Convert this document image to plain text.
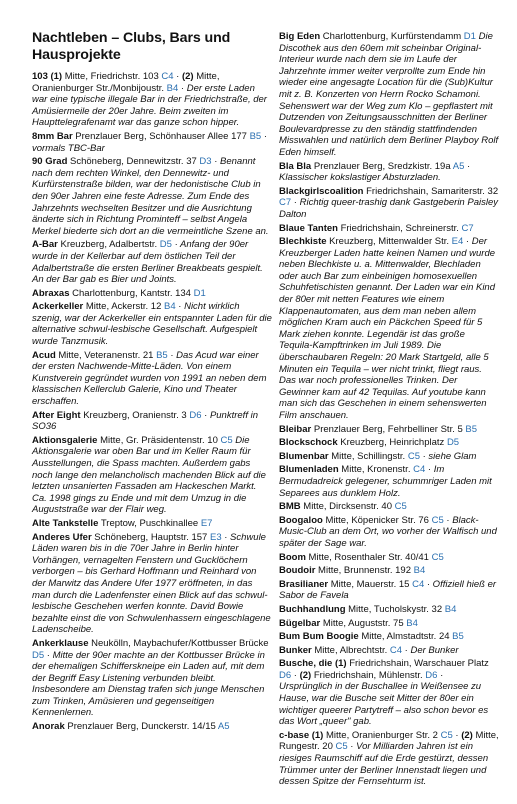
Nachtleben – Clubs, Bars und
Hausprojekte
103 (1) Mitte, Friedrichstr. 103 C4 · (2) Mitte, Oranienburger Str./Monbijoustr. B4 · Der erste Laden war eine typische illegale Bar in der Friedrichstraße, der Amüsiermeile der 20er Jahre. Beim zweiten im Haupttelegrafenamt war das ganze schon hipper.
8mm Bar Prenzlauer Berg, Schönhauser Allee 177 B5 · vormals TBC-Bar
90 Grad Schöneberg, Dennewitzstr. 37 D3 · Benannt nach dem rechten Winkel, den Dennewitz- und Kurfürstenstraße bilden, war der hedonistische Club in den 90er Jahren eine feste Adresse. Zum Ende des Jahrzehnts wechselten Besitzer und die Ausrichtung änderte sich in Richtung Prominteff – selbst Angela Merkel biederte sich dort an die vermeintliche Szene an.
A-Bar Kreuzberg, Adalbertstr. D5 · Anfang der 90er wurde in der Kellerbar auf dem östlichen Teil der Adalbertstraße die ersten Berliner Breakbeats gespielt. An der Bar gab es Bier und Joints.
Abraxas Charlottenburg, Kantstr. 134 D1
Ackerkeller Mitte, Ackerstr. 12 B4 · Nicht wirklich szenig, war der Ackerkeller ein entspannter Laden für die alternative schwul-lesbische Gesellschaft. Aufgespielt wurde Tanzmusik.
Acud Mitte, Veteranenstr. 21 B5 · Das Acud war einer der ersten Nachwende-Mitte-Läden. Von einem Kunstverein gegründet wurden von 1991 an neben dem klassischen Kellerclub Galerie, Kino und Theater erschaffen.
After Eight Kreuzberg, Oranienstr. 3 D6 · Punktreff in SO36
Aktionsgalerie Mitte, Gr. Präsidentenstr. 10 C5 Die Aktionsgalerie war oben Bar und im Keller Raum für Ausstellungen, die Spass machten. Außerdem gabs noch lange den melancholisch machenden Blick auf die letzten unsanierten Fassaden am Hackeschen Markt. Ca. 1998 gings zu Ende und mit dem Umzug in die Auguststraße war der Flair weg.
Alte Tankstelle Treptow, Puschkinallee E7
Anderes Ufer Schöneberg, Hauptstr. 157 E3 · Schwule Läden waren bis in die 70er Jahre in Berlin hinter Vorhängen, vernagelten Fenstern und Gucklöchern verborgen – bis Gerhard Hoffmann und Reinhard von der Marwitz das Andere Ufer 1977 eröffneten, in das man durch die Ladenfenster einen Blick auf das schwul-lesbische Geschehen werfen konnte. David Bowie bezahlte einst die von Schwulenhassern eingeschlagene Ladenscheibe.
Ankerklause Neukölln, Maybachufer/Kottbusser Brücke D5 · Mitte der 90er machte an der Kottbusser Brücke in der ehemaligen Schifferskneipe ein Laden auf, mit dem der Begriff Easy Listening verbunden bleibt. Insbesondere am Dienstag trafen sich junge Menschen zum Trinken, Amüsieren und gegenseitigen Kennenlernen.
Anorak Prenzlauer Berg, Dunckerstr. 14/15 A5
Big Eden Charlottenburg, Kurfürstendamm D1 Die Discothek aus den 60em mit scheinbar Original-Interieur wurde nach dem sie im Laufe der Jahrzehnte immer weiter verprollte zum Ende hin wieder eine angesagte Location für die (Sub)Kultur mit z. B. Konzerten von Herrn Rocko Schamoni. Sehenswert war der Weg zum Klo – gepflastert mit Dutzenden von Zeitungsausschnitten der Berliner Boulevardpresse zu den ständig stattfindenden Misswahlen und natürlich dem Berliner Playboy Rolf Eden himself.
Bla Bla Prenzlauer Berg, Sredzkistr. 19a A5 · Klassischer kokslastiger Absturzladen.
Blackgirlscoalition Friedrichshain, Samariterstr. 32 C7 · Richtig queer-trashig dank Gastgeberin Paisley Dalton
Blaue Tanten Friedrichshain, Schreinerstr. C7
Blechkiste Kreuzberg, Mittenwalder Str. E4 · Der Kreuzberger Laden hatte keinen Namen und wurde neben Blechkiste u. a. Mittenwalder, Blechladen oder auch Bar zum einbeinigen homosexuellen Schuhfetischisten genannt. Der Laden war ein Kind der 80er mit netten Features wie einem Klappenautomaten, aus dem man neben allem möglichen Kram auch ein Päckchen Speed für 5 Mark ziehen konnte. Legendär ist das große Tequila-Kampftrinken im Juli 1989. Die überschaubaren Regeln: 20 Mark Startgeld, alle 5 Minuten ein Tequila – wer nicht trinkt, fliegt raus. Das war noch professionelles Trinken. Der Gewinner kam auf 42 Tequilas. Auf youtube kann man sich das Geschehen in einem sehenswerten Film anschauen.
Bleibar Prenzlauer Berg, Fehrbelliner Str. 5 B5
Blockschock Kreuzberg, Heinrichplatz D5
Blumenbar Mitte, Schillingstr. C5 · siehe Glam
Blumenladen Mitte, Kronenstr. C4 · Im Bermudadreick gelegener, schummriger Laden mit Separees aus dunklem Holz.
BMB Mitte, Dircksenstr. 40 C5
Boogaloo Mitte, Köpenicker Str. 76 C5 · Black-Music-Club an dem Ort, wo vorher der Walfisch und später der Sage war.
Boom Mitte, Rosenthaler Str. 40/41 C5
Boudoir Mitte, Brunnenstr. 192 B4
Brasilianer Mitte, Mauerstr. 15 C4 · Offiziell hieß er Sabor de Favela
Buchhandlung Mitte, Tucholskystr. 32 B4
Bügelbar Mitte, Auguststr. 75 B4
Bum Bum Boogie Mitte, Almstadtstr. 24 B5
Bunker Mitte, Albrechtstr. C4 · Der Bunker
Busche, die (1) Friedrichshain, Warschauer Platz D6 · (2) Friedrichshain, Mühlenstr. D6 · Ursprünglich in der Buschallee in Weißensee zu Hause, war die Busche seit Mitter der 80er ein wichtiger queerer Partytreff – also schon bevor es das Wort „queer" gab.
c-base (1) Mitte, Oranienburger Str. 2 C5 · (2) Mitte, Rungestr. 20 C5 · Vor Milliarden Jahren ist ein riesiges Raumschiff auf die Erde gestürzt, dessen Trümmer unter der Berliner Innenstadt liegen und dessen Spitze der Fernsehturm ist.
